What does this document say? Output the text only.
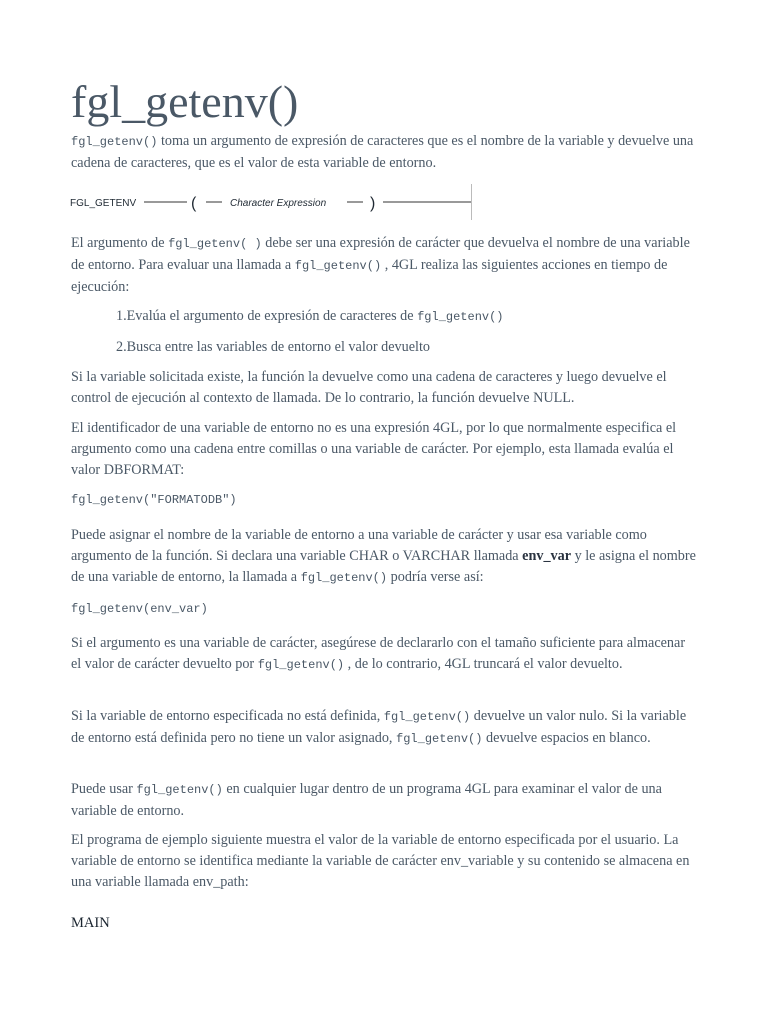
fgl_getenv()

fgl_getenv() toma un argumento de expresión de caracteres que es el nombre de la variable y devuelve una cadena de caracteres, que es el valor de esta variable de entorno.

FGL_GETENV	(	Character Expression	)

El argumento de fgl_getenv( ) debe ser una expresión de carácter que devuelva el nombre de una variable de entorno. Para evaluar una llamada a fgl_getenv() , 4GL realiza las siguientes acciones en tiempo de ejecución:

1.Evalúa el argumento de expresión de caracteres de fgl_getenv()

2.Busca entre las variables de entorno el valor devuelto

Si la variable solicitada existe, la función la devuelve como una cadena de caracteres y luego devuelve el control de ejecución al contexto de llamada. De lo contrario, la función devuelve NULL.

El identificador de una variable de entorno no es una expresión 4GL, por lo que normalmente especifica el argumento como una cadena entre comillas o una variable de carácter. Por ejemplo, esta llamada evalúa el valor DBFORMAT:

fgl_getenv("FORMATODB")

Puede asignar el nombre de la variable de entorno a una variable de carácter y usar esa variable como argumento de la función. Si declara una variable CHAR o VARCHAR llamada env_var y le asigna el nombre de una variable de entorno, la llamada a fgl_getenv() podría verse así:

fgl_getenv(env_var)

Si el argumento es una variable de carácter, asegúrese de declararlo con el tamaño suficiente para almacenar el valor de carácter devuelto por fgl_getenv() , de lo contrario, 4GL truncará el valor devuelto.

Si la variable de entorno especificada no está definida, fgl_getenv() devuelve un valor nulo. Si la variable de entorno está definida pero no tiene un valor asignado, fgl_getenv() devuelve espacios en blanco.

Puede usar fgl_getenv() en cualquier lugar dentro de un programa 4GL para examinar el valor de una variable de entorno.

El programa de ejemplo siguiente muestra el valor de la variable de entorno especificada por el usuario. La variable de entorno se identifica mediante la variable de carácter env_variable y su contenido se almacena en una variable llamada env_path:

MAIN
